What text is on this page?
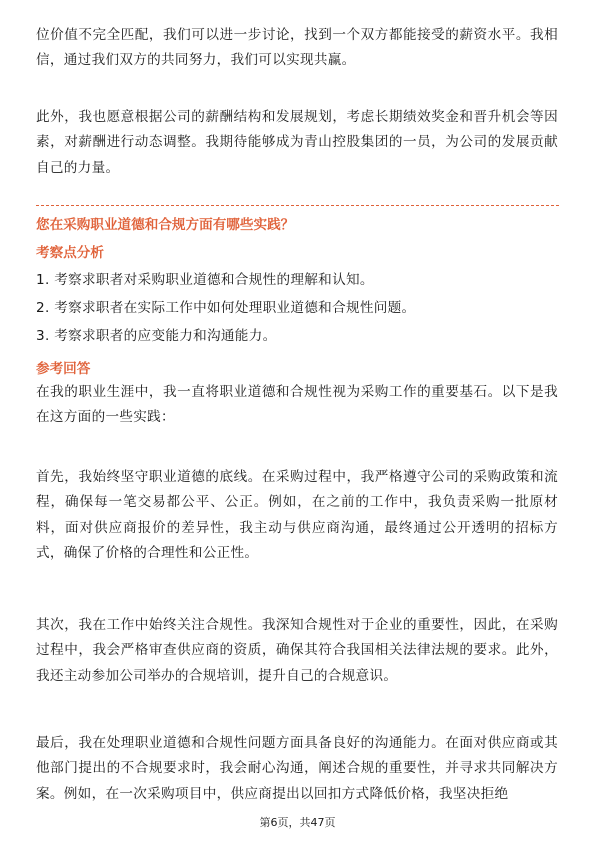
位价值不完全匹配，我们可以进一步讨论，找到一个双方都能接受的薪资水平。我相信，通过我们双方的共同努力，我们可以实现共赢。

此外，我也愿意根据公司的薪酬结构和发展规划，考虑长期绩效奖金和晋升机会等因素，对薪酬进行动态调整。我期待能够成为青山控股集团的一员，为公司的发展贡献自己的力量。

您在采购职业道德和合规方面有哪些实践？

考察点分析

1. 考察求职者对采购职业道德和合规性的理解和认知。

2. 考察求职者在实际工作中如何处理职业道德和合规性问题。

3. 考察求职者的应变能力和沟通能力。

参考回答

在我的职业生涯中，我一直将职业道德和合规性视为采购工作的重要基石。以下是我在这方面的一些实践：

首先，我始终坚守职业道德的底线。在采购过程中，我严格遵守公司的采购政策和流程，确保每一笔交易都公平、公正。例如，在之前的工作中，我负责采购一批原材料，面对供应商报价的差异性，我主动与供应商沟通，最终通过公开透明的招标方式，确保了价格的合理性和公正性。

其次，我在工作中始终关注合规性。我深知合规性对于企业的重要性，因此，在采购过程中，我会严格审查供应商的资质，确保其符合我国相关法律法规的要求。此外，我还主动参加公司举办的合规培训，提升自己的合规意识。

最后，我在处理职业道德和合规性问题方面具备良好的沟通能力。在面对供应商或其他部门提出的不合规要求时，我会耐心沟通，阐述合规的重要性，并寻求共同解决方案。例如，在一次采购项目中，供应商提出以回扣方式降低价格，我坚决拒绝

第6页，共47页
